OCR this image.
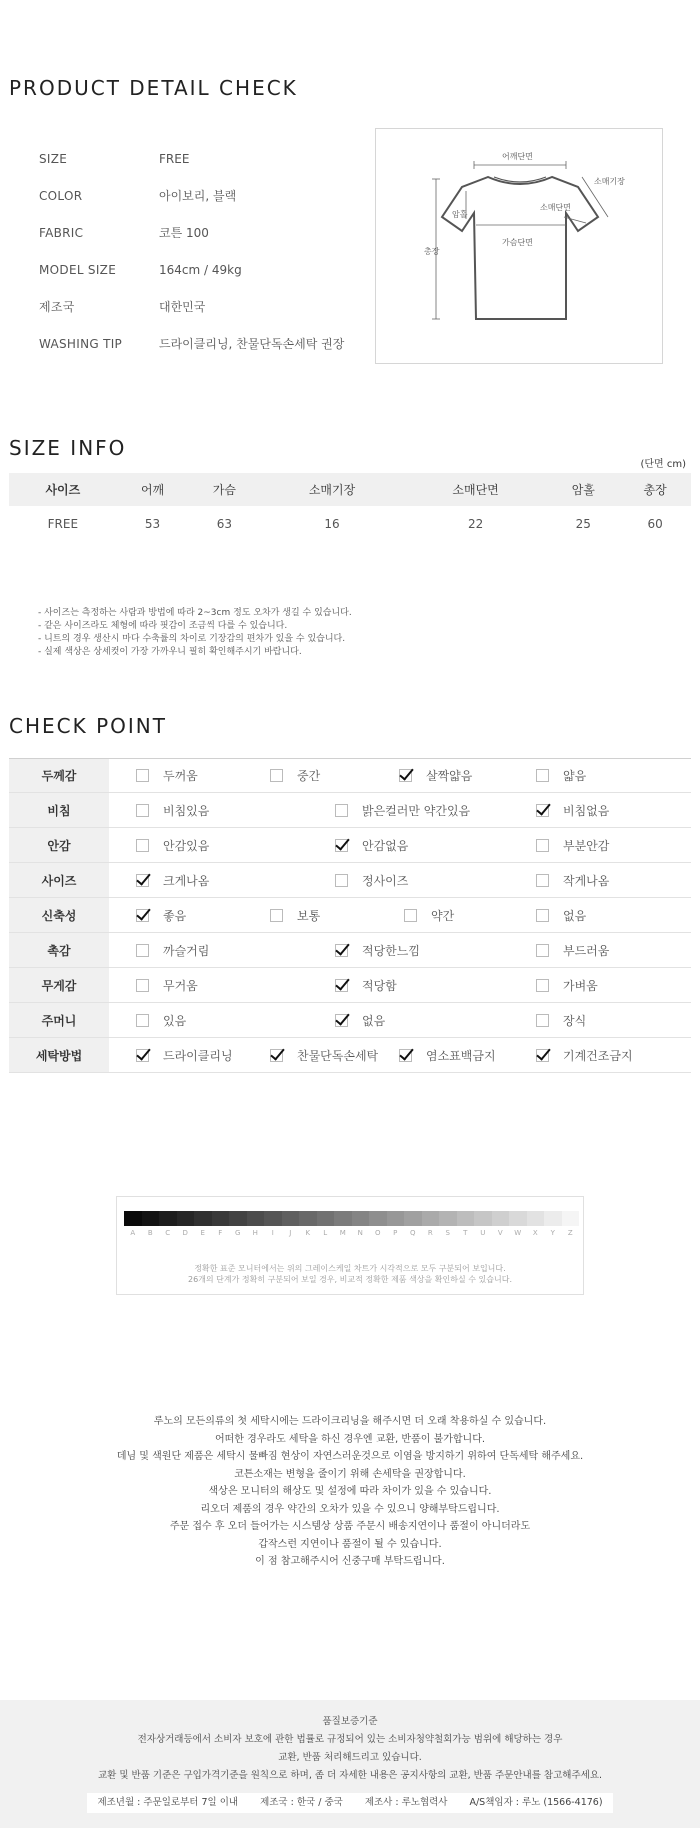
PRODUCT DETAIL CHECK
SIZE	FREE
COLOR	아이보리, 블랙
FABRIC	코튼 100
MODEL SIZE	164cm / 49kg
제조국	대한민국
WASHING TIP	드라이클리닝, 찬물단독손세탁 권장
어깨단면
소매기장
암홀
소매단면
가슴단면
총장
SIZE INFO
(단면 cm)
사이즈	어깨	가슴	소매기장	소매단면	암홀	총장
FREE	53	63	16	22	25	60
- 사이즈는 측정하는 사람과 방법에 따라 2~3cm 정도 오차가 생길 수 있습니다.
- 같은 사이즈라도 체형에 따라 핏감이 조금씩 다를 수 있습니다.
- 니트의 경우 생산시 마다 수축률의 차이로 기장감의 편차가 있을 수 있습니다.
- 실제 색상은 상세컷이 가장 가까우니 필히 확인해주시기 바랍니다.
CHECK POINT
두께감	두꺼움	중간	살짝얇음	얇음
비침	비침있음	밝은컬러만 약간있음	비침없음
안감	안감있음	안감없음	부분안감
사이즈	크게나옴	정사이즈	작게나옴
신축성	좋음	보통	약간	없음
촉감	까슬거림	적당한느낌	부드러움
무게감	무거움	적당함	가벼움
주머니	있음	없음	장식
세탁방법	드라이클리닝	찬물단독손세탁	염소표백금지	기계건조금지
A	B	C	D	E	F	G	H	I	J	K	L	M	N	O	P	Q	R	S	T	U	V	W	X	Y	Z
정확한 표준 모니터에서는 위의 그레이스케일 차트가 시각적으로 모두 구분되어 보입니다.
26개의 단계가 정확히 구분되어 보일 경우, 비교적 정확한 제품 색상을 확인하실 수 있습니다.
루노의 모든의류의 첫 세탁시에는 드라이크리닝을 해주시면 더 오래 착용하실 수 있습니다.
어떠한 경우라도 세탁을 하신 경우엔 교환, 반품이 불가합니다.
데님 및 색원단 제품은 세탁시 물빠짐 현상이 자연스러운것으로 이염을 방지하기 위하여 단독세탁 해주세요.
코튼소재는 변형을 줄이기 위해 손세탁을 권장합니다.
색상은 모니터의 해상도 및 설정에 따라 차이가 있을 수 있습니다.
리오더 제품의 경우 약간의 오차가 있을 수 있으니 양해부탁드립니다.
주문 접수 후 오더 들어가는 시스템상 상품 주문시 배송지연이나 품절이 아니더라도
갑작스런 지연이나 품절이 될 수 있습니다.
이 점 참고해주시어 신중구매 부탁드립니다.
품질보증기준
전자상거래등에서 소비자 보호에 관한 법률로 규정되어 있는 소비자청약철회가능 범위에 해당하는 경우
교환, 반품 처리해드리고 있습니다.
교환 및 반품 기준은 구입가격기준을 원칙으로 하며, 좀 더 자세한 내용은 공지사항의 교환, 반품 주문안내를 참고해주세요.
제조년월 : 주문일로부터 7일 이내 제조국 : 한국 / 중국 제조사 : 루노협력사 A/S책임자 : 루노 (1566-4176)
